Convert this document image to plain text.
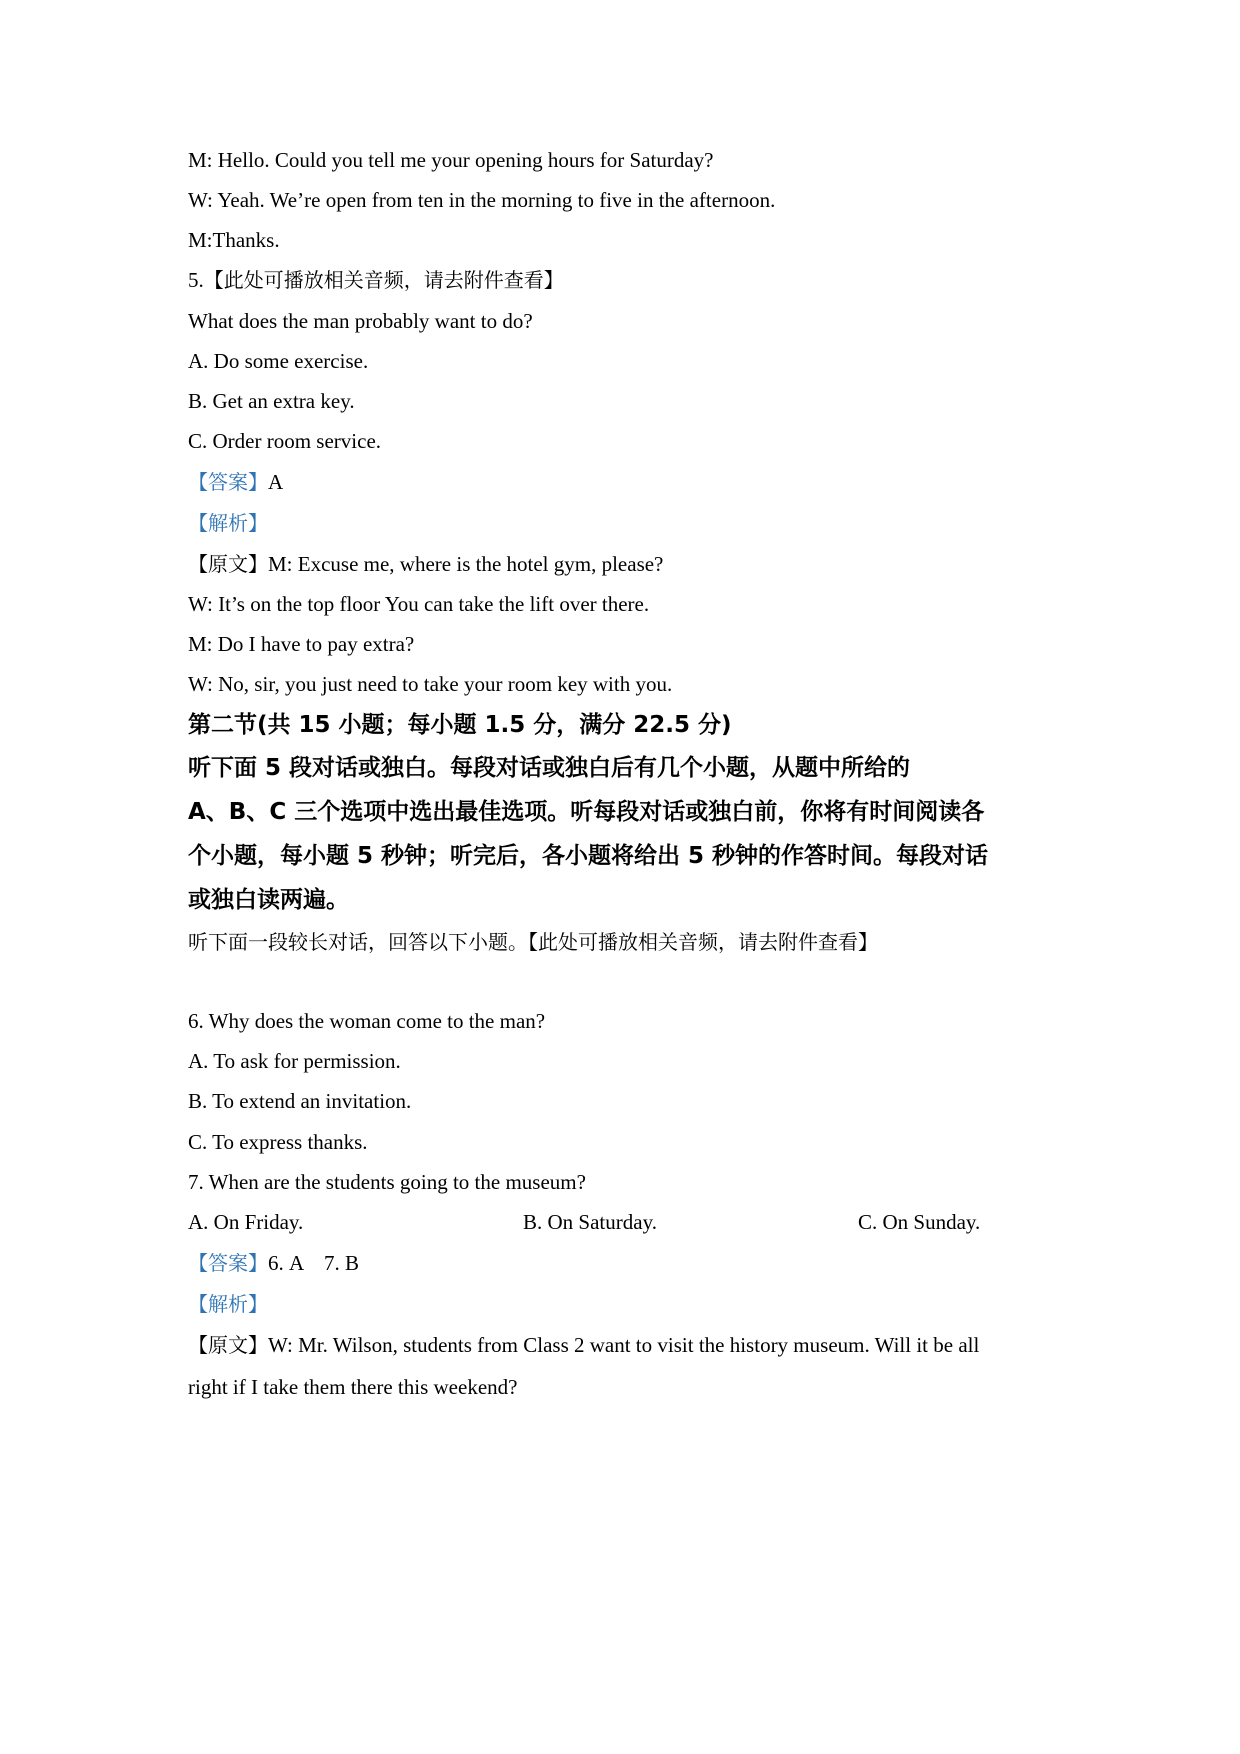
M: Hello. Could you tell me your opening hours for Saturday?
W: Yeah. We’re open from ten in the morning to five in the afternoon.
M:Thanks.
5.【此处可播放相关音频，请去附件查看】
What does the man probably want to do?
A. Do some exercise.
B. Get an extra key.
C. Order room service.
【答案】A
【解析】
【原文】M: Excuse me, where is the hotel gym, please?
W: It’s on the top floor You can take the lift over there.
M: Do I have to pay extra?
W: No, sir, you just need to take your room key with you.
第二节(共 15 小题；每小题 1.5 分，满分 22.5 分)
听下面 5 段对话或独白。每段对话或独白后有几个小题，从题中所给的
A、B、C 三个选项中选出最佳选项。听每段对话或独白前，你将有时间阅读各
个小题，每小题 5 秒钟；听完后，各小题将给出 5 秒钟的作答时间。每段对话
或独白读两遍。
听下面一段较长对话，回答以下小题。【此处可播放相关音频，请去附件查看】
6. Why does the woman come to the man?
A. To ask for permission.
B. To extend an invitation.
C. To express thanks.
7. When are the students going to the museum?
A. On Friday.	B. On Saturday.	C. On Sunday.
【答案】6. A    7. B
【解析】
【原文】W: Mr. Wilson, students from Class 2 want to visit the history museum. Will it be all
right if I take them there this weekend?
